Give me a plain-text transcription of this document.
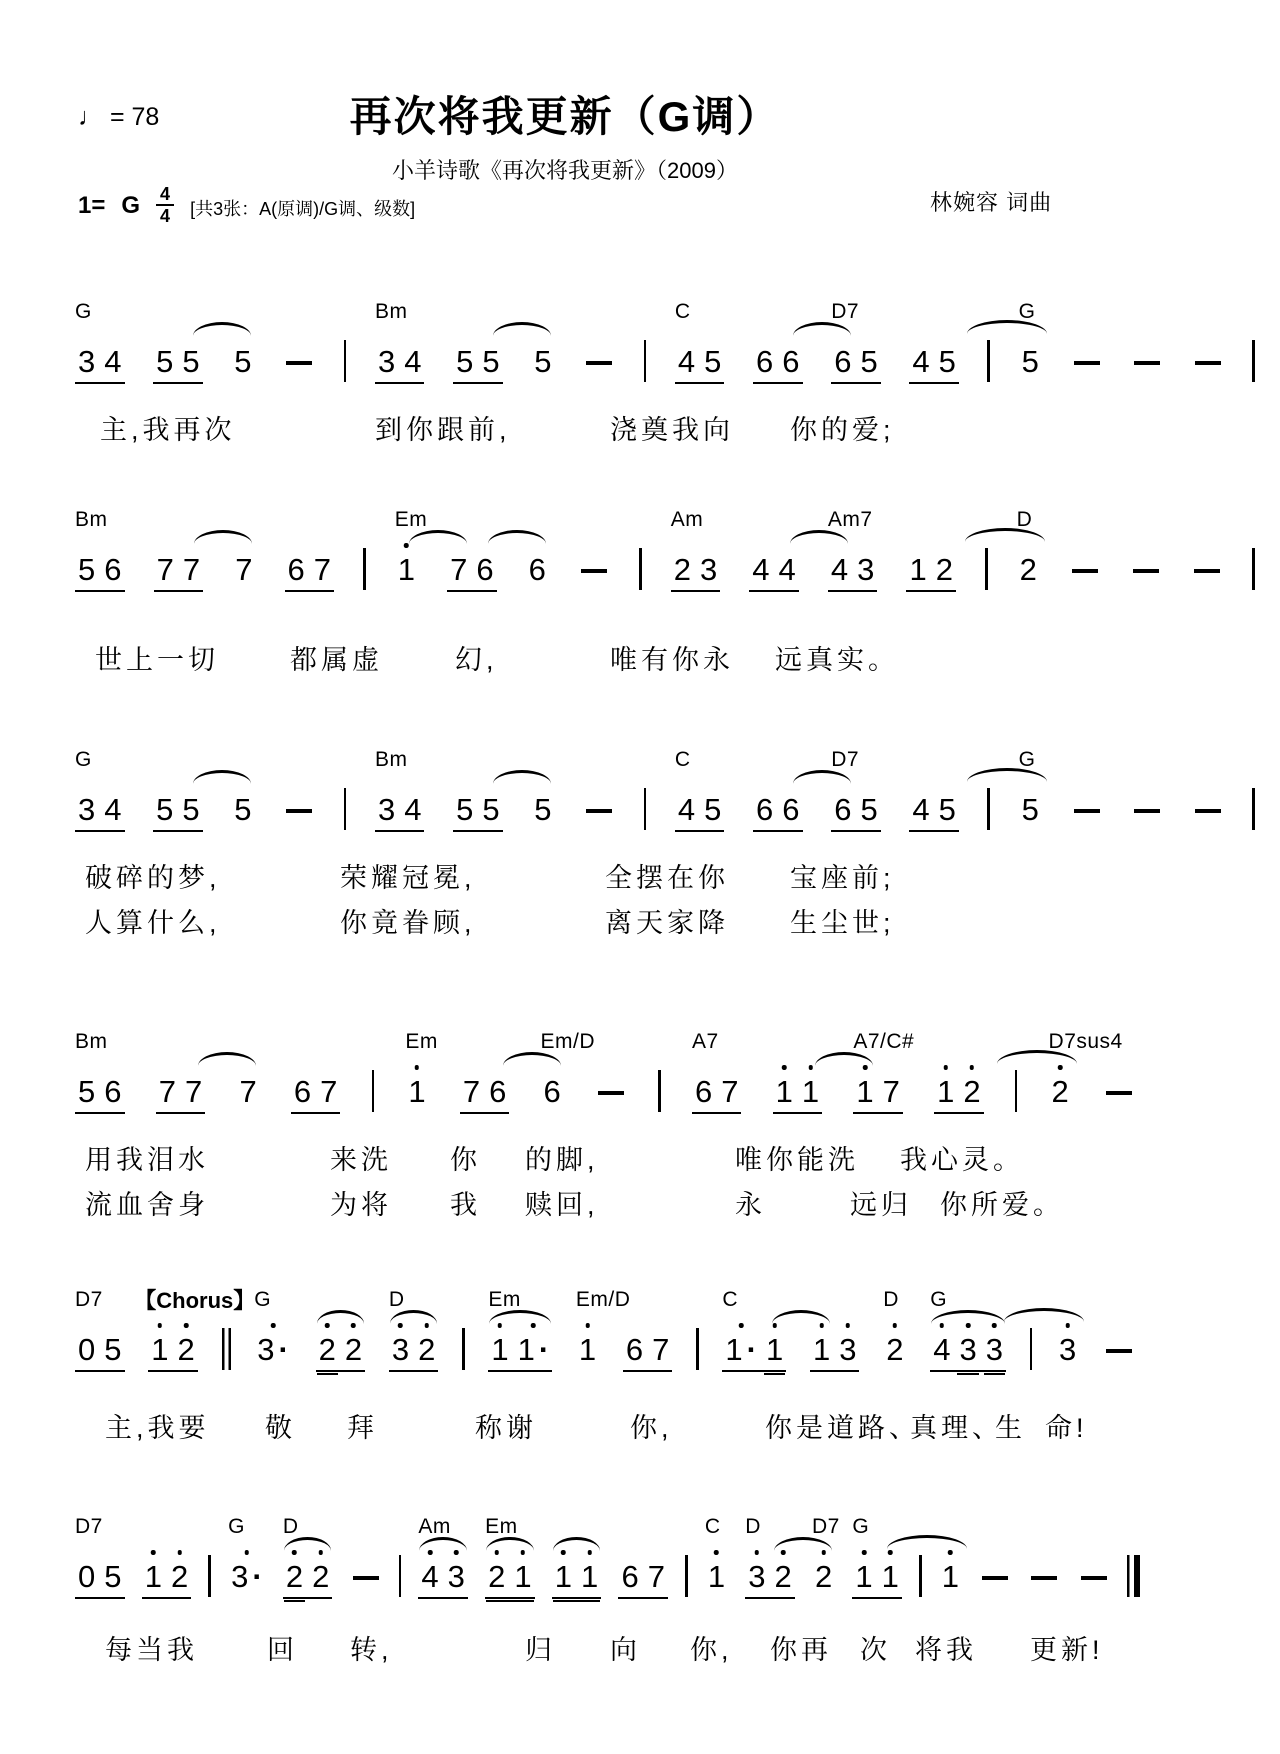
♩ = 78	再次将我更新（G调）
小羊诗歌《再次将我更新》（2009）
1= G $\frac{4}{4}$ [共3张：A(原调)/G调、级数]	林婉容 词曲
G
3 4 5 5 5
Bm
3 4 5 5 5
C
4 5 6 6
D7
6 5 4 5
G
5
主,我再次	到你跟前,	浇奠我向 你的爱;
Bm
5 6 7 7 7 6 7
Em
1 7 6 6
Am
2 3 4 4
Am7
4 3 1 2
D
2
世上一切	都属虚	幻,	唯有你永 远真实。
G
3 4 5 5 5
Bm
3 4 5 5 5
C
4 5 6 6
D7
6 5 4 5
G
5
破碎的梦,	荣耀冠冕,	全摆在你 宝座前;
人算什么,	你竟眷顾,	离天家降 生尘世;
Bm
5 6 7 7 7 6 7
Em
1 7 6
Em/D
6
A7
6 7 1 1
A7/C#
1 7 1 2
D7sus4
2
用我泪水	来洗 你 的脚,	唯你能洗 我心灵。
流血舍身	为将 我 赎回,	永	远归 你所爱。
D7
0 5
【Chorus】
1 2
G
3 ·	2 2
D
3 2
Em
1 1 ·
Em/D
1 6 7
C
1 · 1 1 3
D
2
G
4 3 3 3
主,我要 敬 拜	称谢	你,	你是道路、
真理、
生 命!
D7
0 5 1 2
G
3 ·
D
2 2
Am
4 3
Em
2 1 1 1 6 7
C
1
D
3 2
D7
2
G
1 1 1
每当我	回 转,	归 向 你, 你再 次 将我 更新!
